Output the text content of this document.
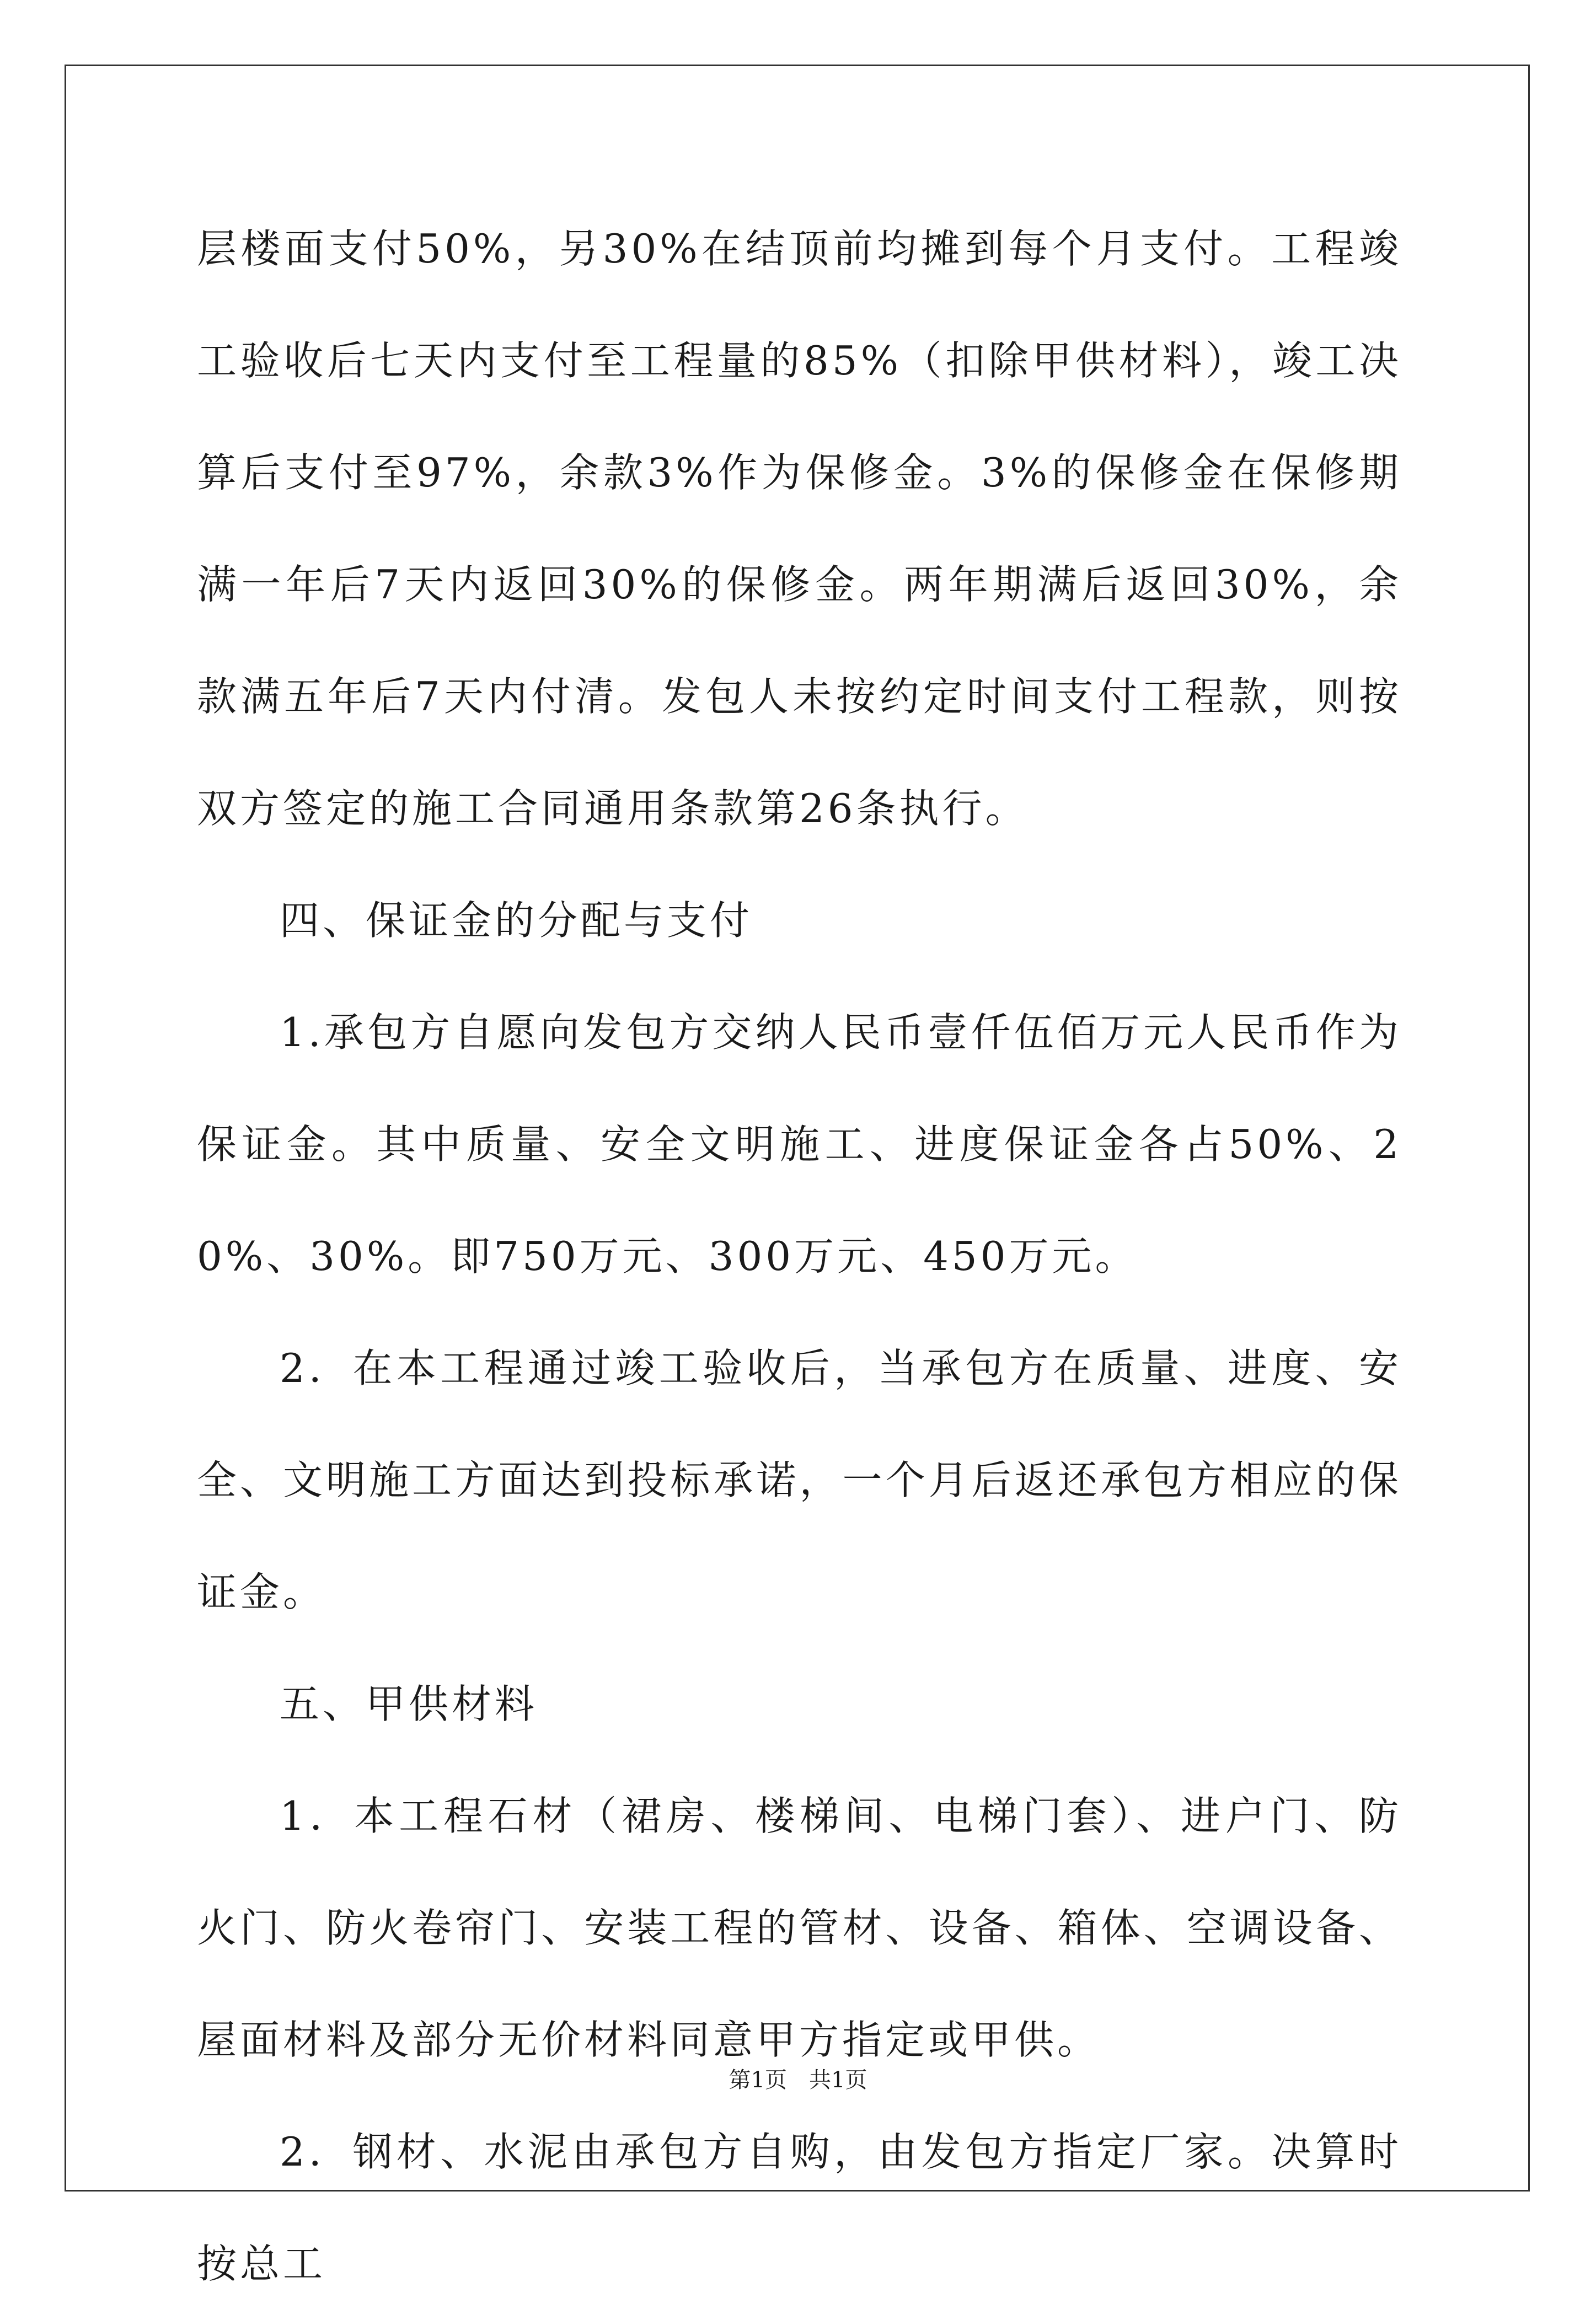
层楼面支付50%，另30%在结顶前均摊到每个月支付。工程竣工验收后七天内支付至工程量的85%（扣除甲供材料），竣工决算后支付至97%，余款3%作为保修金。3%的保修金在保修期满一年后7天内返回30%的保修金。两年期满后返回30%，余款满五年后7天内付清。发包人未按约定时间支付工程款，则按双方签定的施工合同通用条款第26条执行。

四、保证金的分配与支付

1.承包方自愿向发包方交纳人民币壹仟伍佰万元人民币作为保证金。其中质量、安全文明施工、进度保证金各占50%、20%、30%。即750万元、300万元、450万元。

2．在本工程通过竣工验收后，当承包方在质量、进度、安全、文明施工方面达到投标承诺，一个月后返还承包方相应的保证金。

五、甲供材料

1．本工程石材（裙房、楼梯间、电梯门套）、进户门、防火门、防火卷帘门、安装工程的管材、设备、箱体、空调设备、屋面材料及部分无价材料同意甲方指定或甲供。

2．钢材、水泥由承包方自购，由发包方指定厂家。决算时按总工

第1页 共1页
